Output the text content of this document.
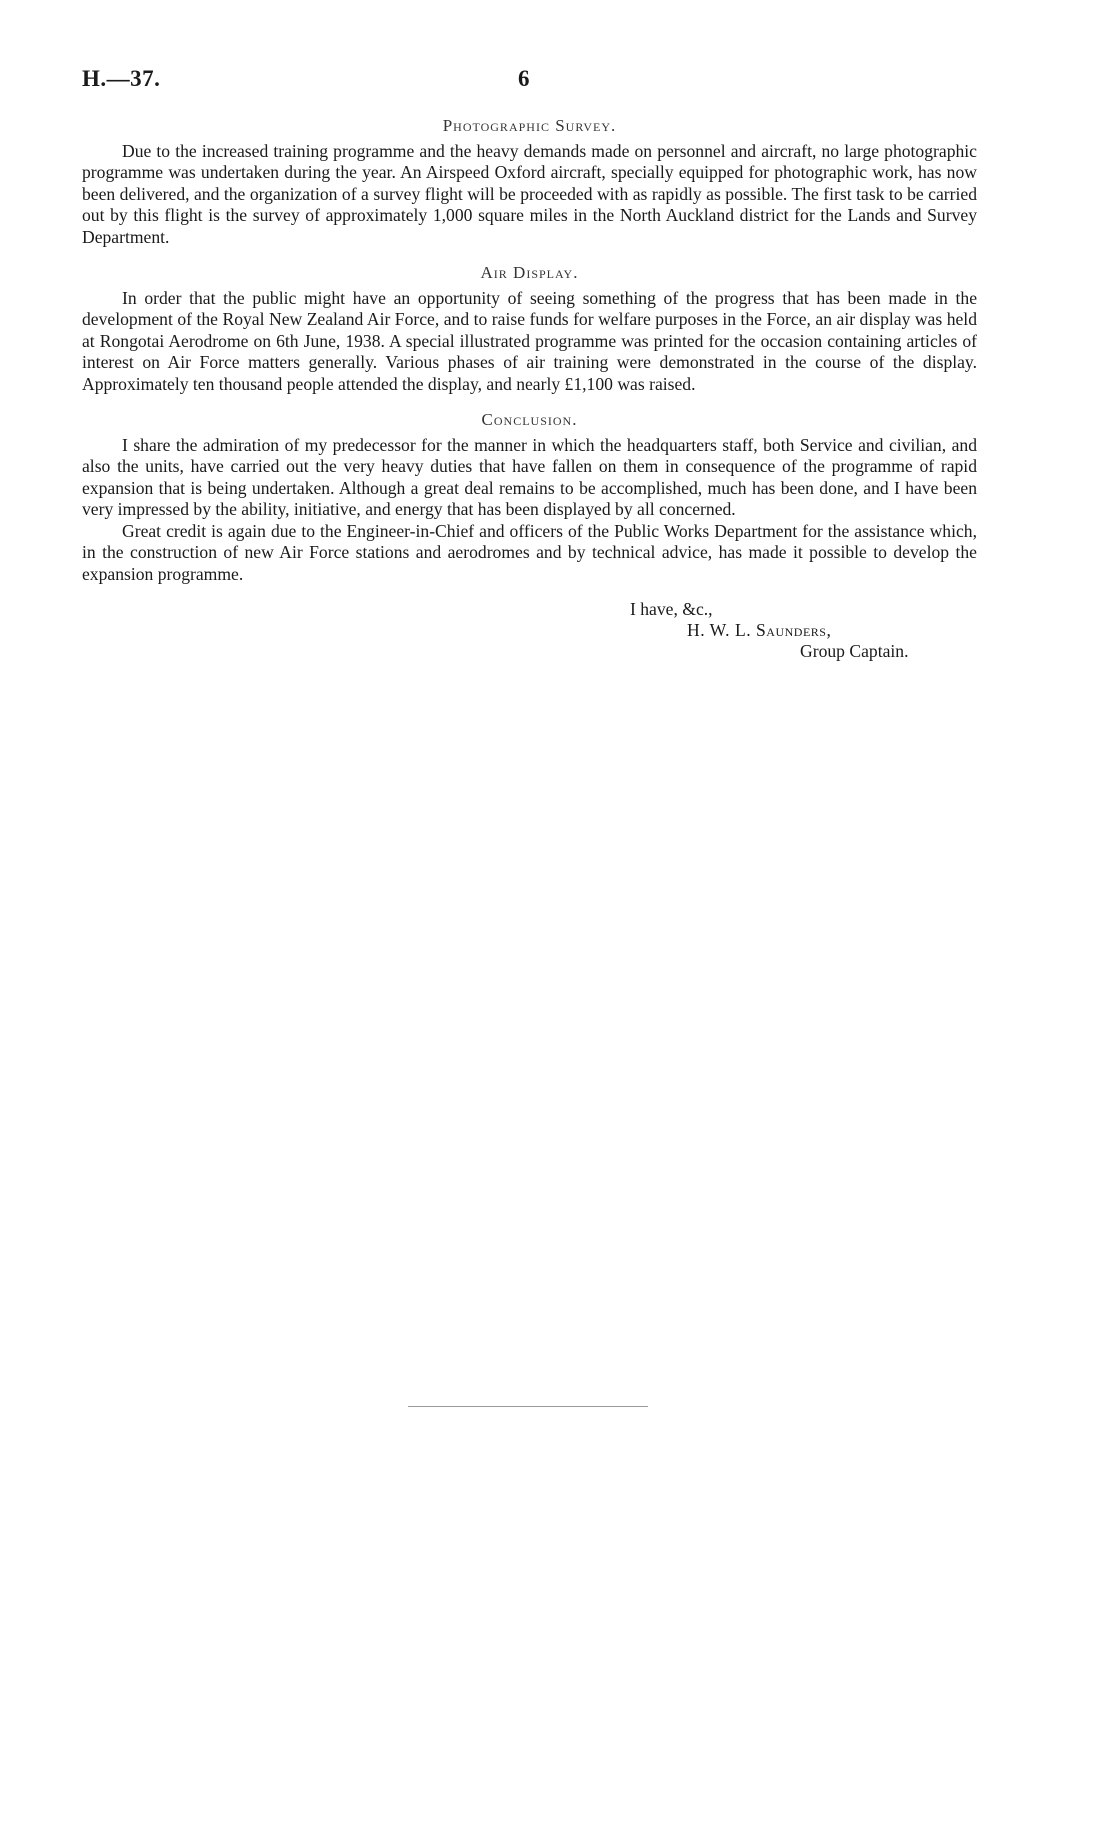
H.—37.	6
Photographic Survey.

Due to the increased training programme and the heavy demands made on personnel and aircraft, no large photographic programme was undertaken during the year. An Airspeed Oxford aircraft, specially equipped for photographic work, has now been delivered, and the organization of a survey flight will be proceeded with as rapidly as possible. The first task to be carried out by this flight is the survey of approximately 1,000 square miles in the North Auckland district for the Lands and Survey Department.

Air Display.

In order that the public might have an opportunity of seeing something of the progress that has been made in the development of the Royal New Zealand Air Force, and to raise funds for welfare purposes in the Force, an air display was held at Rongotai Aerodrome on 6th June, 1938. A special illustrated programme was printed for the occasion containing articles of interest on Air Force matters generally. Various phases of air training were demonstrated in the course of the display. Approximately ten thousand people attended the display, and nearly £1,100 was raised.

Conclusion.

I share the admiration of my predecessor for the manner in which the headquarters staff, both Service and civilian, and also the units, have carried out the very heavy duties that have fallen on them in consequence of the programme of rapid expansion that is being undertaken. Although a great deal remains to be accomplished, much has been done, and I have been very impressed by the ability, initiative, and energy that has been displayed by all concerned.

Great credit is again due to the Engineer-in-Chief and officers of the Public Works Department for the assistance which, in the construction of new Air Force stations and aerodromes and by technical advice, has made it possible to develop the expansion programme.

I have, &c.,
H. W. L. Saunders,
Group Captain.
